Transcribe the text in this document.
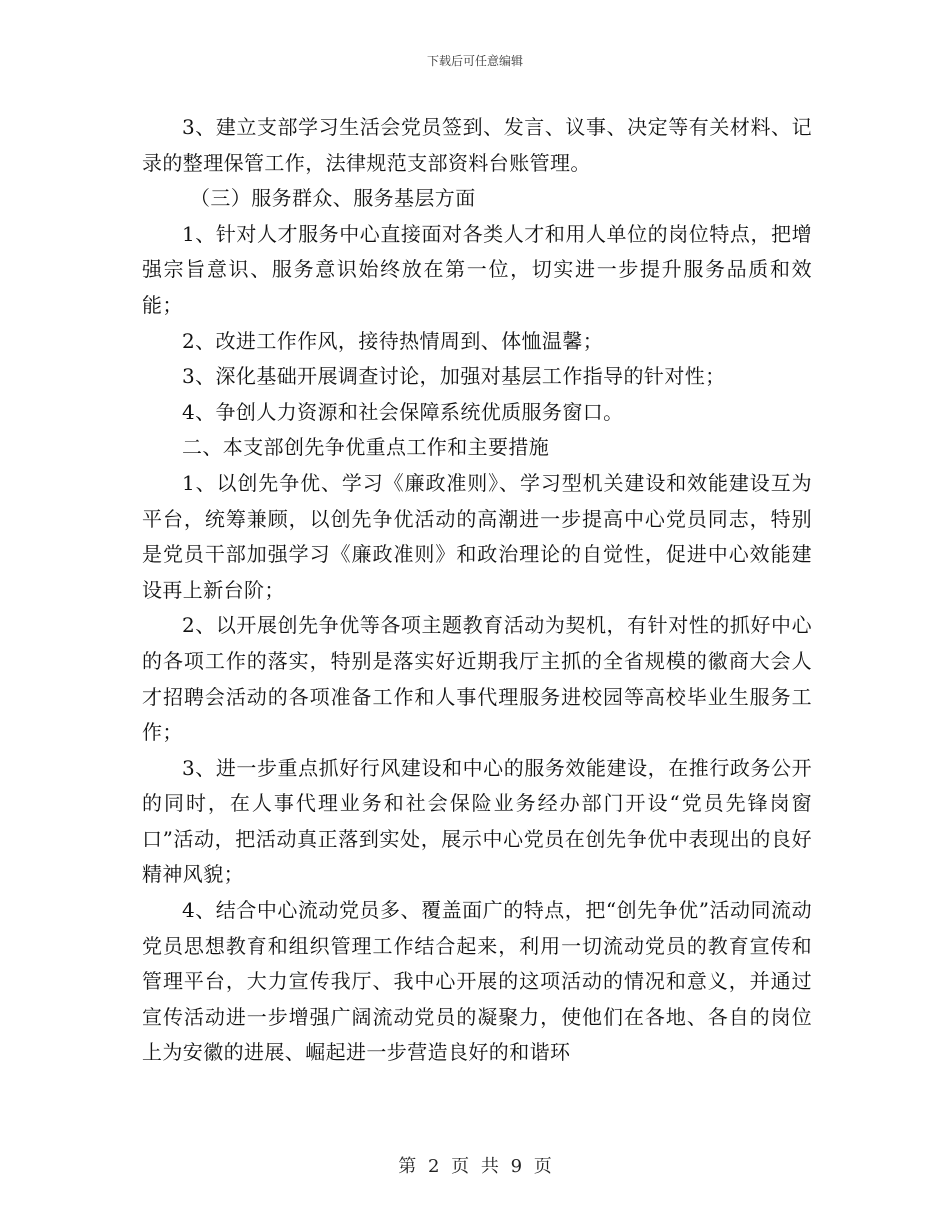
下载后可任意编辑

3、建立支部学习生活会党员签到、发言、议事、决定等有关材料、记录的整理保管工作，法律规范支部资料台账管理。

（三）服务群众、服务基层方面

1、针对人才服务中心直接面对各类人才和用人单位的岗位特点，把增强宗旨意识、服务意识始终放在第一位，切实进一步提升服务品质和效能；

2、改进工作作风，接待热情周到、体恤温馨；

3、深化基础开展调查讨论，加强对基层工作指导的针对性；

4、争创人力资源和社会保障系统优质服务窗口。

二、本支部创先争优重点工作和主要措施

1、以创先争优、学习《廉政准则》、学习型机关建设和效能建设互为平台，统筹兼顾，以创先争优活动的高潮进一步提高中心党员同志，特别是党员干部加强学习《廉政准则》和政治理论的自觉性，促进中心效能建设再上新台阶；

2、以开展创先争优等各项主题教育活动为契机，有针对性的抓好中心的各项工作的落实，特别是落实好近期我厅主抓的全省规模的徽商大会人才招聘会活动的各项准备工作和人事代理服务进校园等高校毕业生服务工作；

3、进一步重点抓好行风建设和中心的服务效能建设，在推行政务公开的同时，在人事代理业务和社会保险业务经办部门开设“党员先锋岗窗口”活动，把活动真正落到实处，展示中心党员在创先争优中表现出的良好精神风貌；

4、结合中心流动党员多、覆盖面广的特点，把“创先争优”活动同流动党员思想教育和组织管理工作结合起来，利用一切流动党员的教育宣传和管理平台，大力宣传我厅、我中心开展的这项活动的情况和意义，并通过宣传活动进一步增强广阔流动党员的凝聚力，使他们在各地、各自的岗位上为安徽的进展、崛起进一步营造良好的和谐环

第 2 页 共 9 页
